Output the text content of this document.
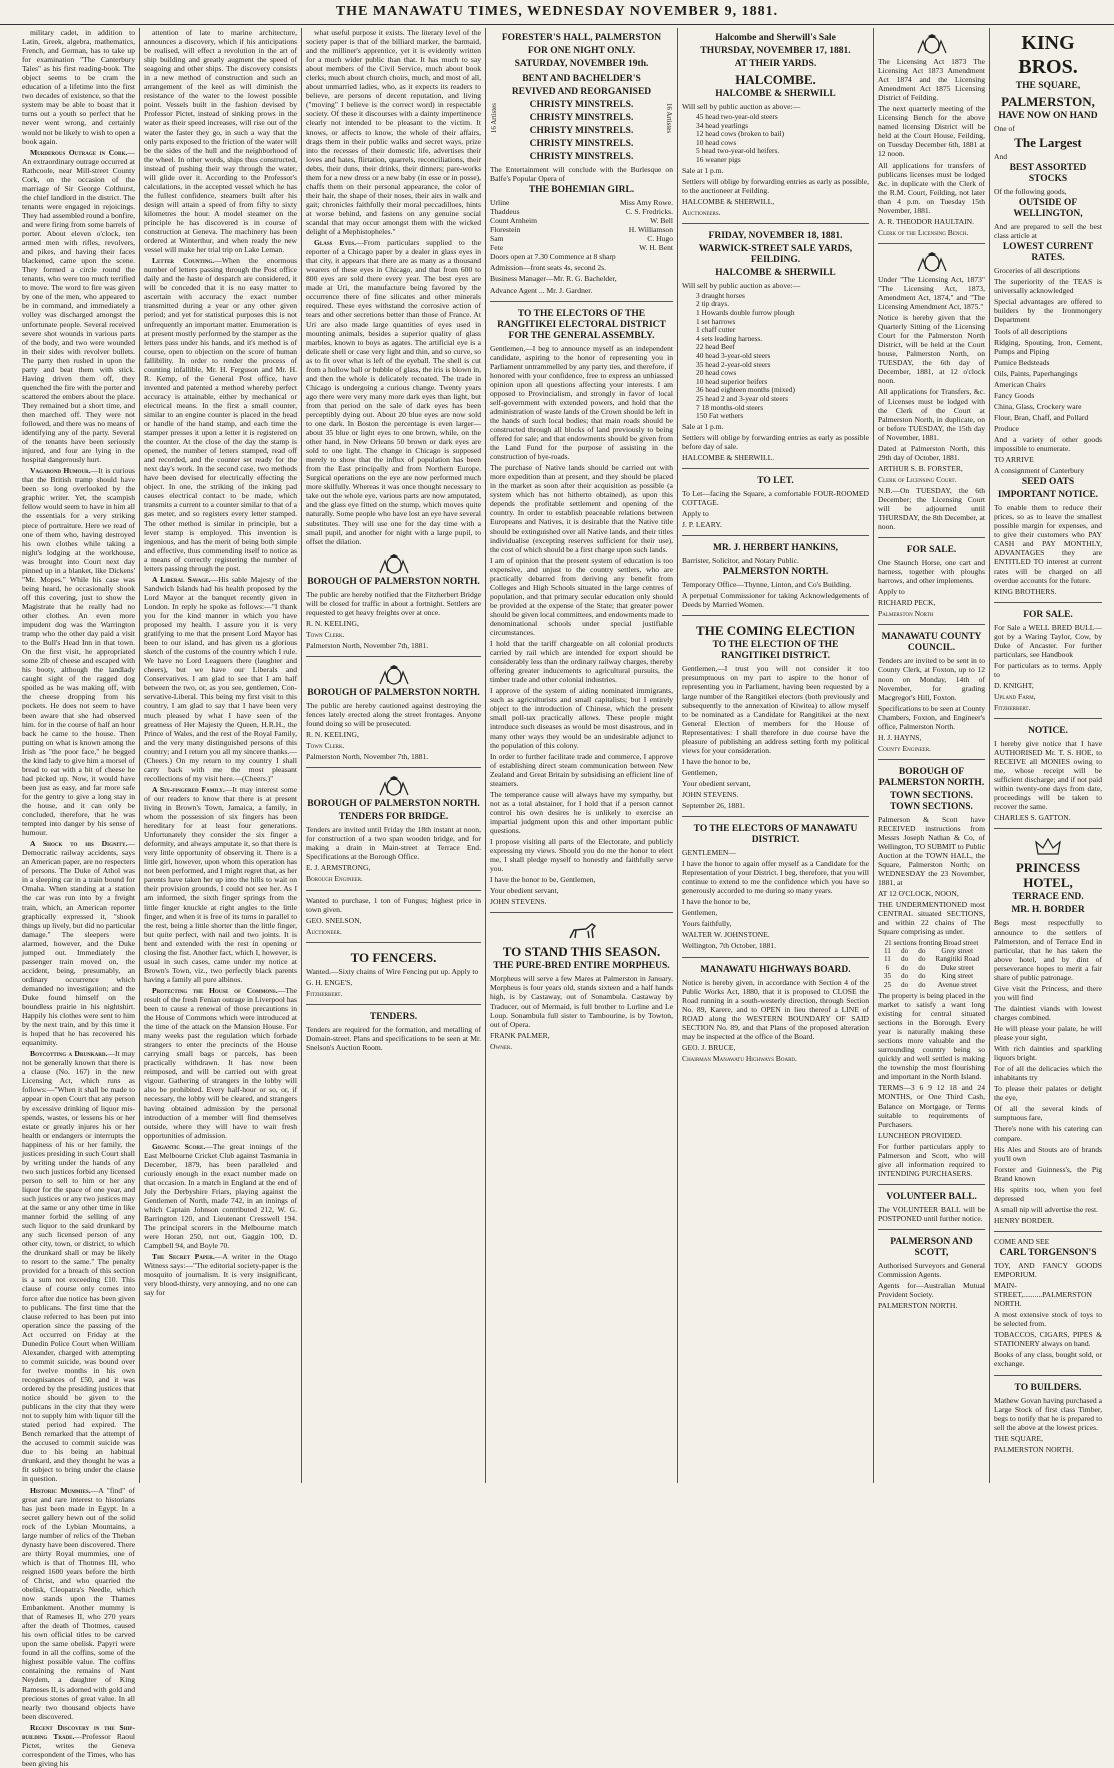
THE MANAWATU TIMES, WEDNESDAY NOVEMBER 9, 1881.

military cadet, in addition to Latin, Greek, algebra, mathematics, French, and German, has to take up for examination "The Canterbury Tales" as his first reading-book. The object seems to be cram the education of a lifetime into the first two decades of existence, so that the system may be able to boast that it turns out a youth so perfect that he never went wrong, and certainly would not be likely to wish to open a book again.

Murderous Outrage in Cork.—An extraordinary outrage occurred at Rathcoole, near Mill-street County Cork, on the occasion of the marriage of Sir George Colthurst, the chief landlord in the district. The tenants were engaged in rejoicings. They had assembled round a bonfire, and were firing from some barrels of porter. About eleven o'clock, ten armed men with rifles, revolvers, and pikes, and having their faces blackened, came upon the scene. They formed a circle round the tenants, who were too much terrified to move. The word to fire was given by one of the men, who appeared to be in command, and immediately a volley was discharged amongst the unfortunate people. Several received severe shot wounds in various parts of the body, and two were wounded in their sides with revolver bullets. The party then rushed in upon the party and beat them with stick. Having driven them off, they quenched the fire with the porter and scattered the embers about the place. They remained but a short time, and then marched off. They were not followed, and there was no means of identifying any of the party. Several of the tenants have been seriously injured, and four are lying in the hospital dangerously hurt.

Vagabond Humour.—It is curious that the British tramp should have been so long overlooked by the graphic writer. Yet, the scampish fellow would seem to have in him all the essentials for a very striking piece of portraiture. Here we read of one of them who, having destroyed his own clothes while taking a night's lodging at the workhouse, was brought into Court next day pinned up in a blanket, like Dickens' "Mr. Mopes." While his case was being heard, he occasionally shook off this covering, just to show the Magistrate that he really had no other clothes. An even more impudent dog was the Warrington tramp who the other day paid a visit to the Bull's Head Inn in that town. On the first visit, he appropriated some 2lb of cheese and escaped with his booty, although the landlady caught sight of the ragged dog spoiled as he was making off, with the cheese dropping from his pockets. He does not seem to have been aware that she had observed him. for in the course of half an hour back he came to the house. Then putting on what is known among the Irish as "the poor face," he begged the kind lady to give him a morsel of bread to eat with a bit of cheese he had picked up. Now, it would have been just as easy, and far more safe for the gentry to give a long stay in the house, and it can only be concluded, therefore, that he was tempted into danger by his sense of humour.

A Shock to his Dignity.—Democratic railway accidents, says an American paper, are no respecters of persons. The Duke of Athol was in a sleeping car in a train bound for Omaha. When standing at a station the car was run into by a freight train, which, an American reporter graphically expressed it, "shook things up lively, but did no particular damage." The sleepers were alarmed, however, and the Duke jumped out. Immediately the passenger train moved on, the accident, being, presumably, an ordinary occurrence which demanded no investigation; and the Duke found himself on the boundless prairie in his nightshirt. Happily his clothes were sent to him by the next train, and by this time it is hoped that he has recovered his equanimity.

Boycotting a Drunkard.—It may not be generally known that there is a clause (No. 167) in the new Licensing Act, which runs as follows:—"When it shall be made to appear in open Court that any person by excessive drinking of liquor mis-spends, wastes, or lessens his or her estate or greatly injures his or her health or endangers or interrupts the happiness of his or her family, the justices presiding in such Court shall by writing under the hands of any two such justices forbid any licensed person to sell to him or her any liquor for the space of one year, and such justices or any two justices may at the same or any other time in like manner forbid the selling of any such liquor to the said drunkard by any such licensed person of any other city, town, or district, to which the drunkard shall or may be likely to resort to the same." The penalty provided for a breach of this section is a sum not exceeding £10. This clause of course only comes into force after due notice has been given to publicans. The first time that the clause referred to has been put into operation since the passing of the Act occurred on Friday at the Dunedin Police Court when William Alexander, charged with attempting to commit suicide, was bound over for twelve months in his own recognisances of £50, and it was ordered by the presiding justices that notice should be given to the publicans in the city that they were not to supply him with liquor till the stated period had expired. The Bench remarked that the attempt of the accused to commit suicide was due to his being an habitual drunkard, and they thought he was a fit subject to bring under the clause in question.

Historic Mummies.—A "find" of great and rare interest to historians has just been made in Egypt. In a secret gallery hewn out of the solid rock of the Lybian Mountains, a large number of relics of the Theban dynasty have been discovered. There are thirty Royal mummies, one of which is that of Thotmes III, who reigned 1600 years before the birth of Christ, and who quarried the obelisk, Cleopatra's Needle, which now stands upon the Thames Embankment. Another mummy is that of Rameses II, who 270 years after the death of Thotmes, caused his own official titles to be carved upon the same obelisk. Papyri were found in all the coffins, some of the highest possible value. The coffins containing the remains of Nant Neydem, a daughter of King Rameses II, is adorned with gold and precious stones of great value. In all nearly two thousand objects have been discovered.

Recent Discovery in the Ship-building Trade.—Professor Raoul Pictet, writes the Geneva correspondent of the Times, who has been giving his

attention of late to marine architecture, announces a discovery, which if his anticipations be realised, will effect a revolution in the art of ship building and greatly augment the speed of seagoing and other ships. The discovery consists in a new method of construction and such an arrangement of the keel as will diminish the resistance of the water to the lowest possible point. Vessels built in the fashion devised by Professor Pictet, instead of sinking prows in the water as their speed increases, will rise out of the water the faster they go, in such a way that the only parts exposed to the friction of the water will be the sides of the hull and the neighborhood of the wheel. In other words, ships thus constructed, instead of pushing their way through the water, will glide over it. According to the Professor's calculations, in the accepted vessel which he has the fullest confidence, steamers built after his design will attain a speed of from fifty to sixty kilometres the hour. A model steamer on the principle he has discovered is in course of construction at Geneva. The machinery has been ordered at Winterthur, and when ready the new vessel will make her trial trip on Lake Leman.

Letter Counting.—When the enormous number of letters passing through the Post office daily and the haste of despatch are considered, it will be conceded that it is no easy matter to ascertain with accuracy the exact number transmitted during a year or any other given period; and yet for statistical purposes this is not unfrequently an important matter. Enumeration is at present mostly performed by the stamper as the letters pass under his hands, and it's method is of course, open to objection on the score of human fallibility. In order to render the process of counting infallible, Mr. H. Ferguson and Mr. H. R. Kemp, of the General Post office, have invented and patented a method whereby perfect accuracy is attainable, either by mechanical or electrical means. In the first a small counter, similar to an engine counter is placed in the head or handle of the hand stamp, and each time the stamper presses it upon a letter it is registered on the counter. At the close of the day the stamp is opened, the number of letters stamped, read off and recorded, and the counter set ready for the next day's work. In the second case, two methods have been devised for electrically effecting the object. In one, the striking of the inking pad causes electrical contact to be made, which transmits a current to a counter similar to that of a gas meter, and so registers every letter stamped. The other method is similar in principle, but a lever stamp is employed. This invention is ingenious, and has the merit of being both simple and effective, thus commending itself to notice as a means of correctly registering the number of letters passing through the post.

A Liberal Savage.—His sable Majesty of the Sandwich Islands had his health proposed by the Lord Mayor at the banquet recently given in London. In reply he spoke as follows:—"I thank you for the kind manner in which you have proposed my health. I assure you it is very gratifying to me that the present Lord Mayor has been to our island, and has given us a glorious sketch of the customs of the country which I rule. We have no Lord Leaguers there (laughter and cheers), but we have our Liberals and Conservatives. I am glad to see that I am half between the two, or, as you see, gentlemen, Con-servative-Liberal. This being my first visit to this country, I am glad to say that I have been very much pleased by what I have seen of the greatness of Her Majesty the Queen, H.R.H., the Prince of Wales, and the rest of the Royal Family, and the very many distinguished persons of this country; and I return you all my sincere thanks.—(Cheers.) On my return to my country I shall carry back with me the most pleasant recollections of my visit here.—(Cheers.)"

A Six-fingered Family.—It may interest some of our readers to know that there is at present living in Brown's Town, Jamaica, a family, in whom the possession of six fingers has been hereditary for at least four generations. Unfortunately they consider the six finger a deformity, and always amputate it, so that there is very little opportunity of observing it. There is a little girl, however, upon whom this operation has not been performed, and I might regret that, as her parents have taken her up into the hills to wait on their provision grounds, I could not see her. As I am informed, the sixth finger springs from the little finger knuckle at right angles to the little finger, and when it is free of its turns in parallel to the rest, being a little shorter than the little finger, but quite perfect, with nail and two joints. It is bent and extended with the rest in opening or closing the fist. Another fact, which I, however, is usual in such cases, came under my notice at Brown's Town, viz., two perfectly black parents having a family all pure albinos.

Protecting the House of Commons.—The result of the fresh Fenian outrage in Liverpool has been to cause a renewal of those precautions in the House of Commons which were introduced at the time of the attack on the Mansion House. For many weeks past the regulation which forbade strangers to enter the precincts of the House carrying small bags or parcels, has been practically withdrawn. It has now been reimposed, and will be carried out with great vigour. Gathering of strangers in the lobby will also be prohibited. Every half-hour or so, or, if necessary, the lobby will be cleared, and strangers having obtained admission by the personal introduction of a member will find themselves outside, where they will have to wait fresh opportunities of admission.

Gigantic Score.—The great innings of the East Melbourne Cricket Club against Tasmania in December, 1879, has been paralleled and curiously enough in the exact number made on that occasion. In a match in England at the end of July the Derbyshire Friars, playing against the Gentlemen of North, made 742, in an innings of which Captain Johnson contributed 212, W. G. Barrington 120, and Lieutenant Cresswell 194. The principal scorers in the Melbourne match were Horan 250, not out, Gaggin 100, D. Campbell 94, and Boyle 70.

The Secret Paper.—A writer in the Otago Witness says:—"The editorial society-paper is the mosquito of journalism. It is very insignificant, very blood-thirsty, very annoying, and no one can say for

what useful purpose it exists. The literary level of the society paper is that of the billiard marker, the barmaid, and the milliner's apprentice, yet it is evidently written for a much wider public than that. It has much to say about members of the Civil Service, much about book clerks, much about church choirs, much, and most of all, about unmarried ladies, who, as it expects its readers to believe, are persons of decent reputation, and living ("moving" I believe is the correct word) in respectable society. Of these it discourses with a dainty impertinence clearly not intended to be pleasant to the victim. It knows, or affects to know, the whole of their affairs, drags them in their public walks and secret ways, prize into the recesses of their domestic life, advertises their loves and hates, flirtation, quarrels, reconciliations, their debts, their duns, their drinks, their dinners; pare-works them for a new dress or a new baby (in esse or in posse), chaffs them on their personal appearance, the color of their hair, the shape of their noses, their airs in walk and gait; chronicles faithfully their moral peccadilloes, hints at worse behind, and fastens on any genuine social scandal that may occur amongst them with the wicked delight of a Mephistopheles."

Glass Eyes.—From particulars supplied to the reporter of a Chicago paper by a dealer in glass eyes in that city, it appears that there are as many as a thousand wearers of these eyes in Chicago, and that from 600 to 800 eyes are sold there every year. The best eyes are made at Uri, the manufacture being favored by the occurrence there of fine silicates and other minerals required. These eyes withstand the corrosive action of tears and other secretions better than those of France. At Uri are also made large quantities of eyes used in mounting animals, besides a superior quality of glass marbles, known to boys as agates. The artificial eye is a delicate shell or case very light and thin, and so curve, so as to fit over what is left of the eyeball. The shell is cut from a hollow ball or bubble of glass, the iris is blown in, and then the whole is delicately recoated. The trade in Chicago is undergoing a curious change. Twenty years ago there were very many more dark eyes than light, but from that period on the sale of dark eyes has been perceptibly dying out. About 20 blue eyes are now sold to one dark. In Boston the percentage is even larger—about 35 blue or light eyes to one brown, while, on the other hand, in New Orleans 50 brown or dark eyes are sold to one light. The change in Chicago is supposed merely to show that the influx of population has been from the East principally and from Northern Europe. Surgical operations on the eye are now performed much more skilfully. Whereas it was once thought necessary to take out the whole eye, various parts are now amputated, and the glass eye fitted on the stump, which moves quite naturally. Some people who have lost an eye have several substitutes. They will use one for the day time with a small pupil, and another for night with a large pupil, to offset the dilation.

BOROUGH OF PALMERSTON NORTH.

The public are hereby notified that the Fitzherbert Bridge will be closed for traffic in about a fortnight. Settlers are requested to get heavy freights over at once.

R. N. KEELING,

Town Clerk.

Palmerston North, November 7th, 1881.

BOROUGH OF PALMERSTON NORTH.

The public are hereby cautioned against destroying the fences lately erected along the street frontages. Anyone found doing so will be prosecuted.

R. N. KEELING,

Town Clerk.

Palmerston North, November 7th, 1881.

BOROUGH OF PALMERSTON NORTH.
TENDERS FOR BRIDGE.

Tenders are invited until Friday the 18th instant at noon, for construction of a two span wooden bridge, and for making a drain in Main-street at Terrace End. Specifications at the Borough Office.

E. J. ARMSTRONG,

Borough Engineer.

Wanted to purchase, 1 ton of Fungus; highest price in town given.

GEO. SNELSON,

Auctioneer.

TO FENCERS.

Wanted.—Sixty chains of Wire Fencing put up. Apply to

G. H. ENGE'S,

Fitzherbert.

TENDERS.

Tenders are required for the formation, and metalling of Domain-street. Plans and specifications to be seen at Mr. Snelson's Auction Room.

FORESTER'S HALL, PALMERSTON
FOR ONE NIGHT ONLY.
SATURDAY, NOVEMBER 19th.
16 Artistes
BENT AND BACHELDER'S
REVIVED AND REORGANISED
CHRISTY MINSTRELS.
CHRISTY MINSTRELS.
CHRISTY MINSTRELS.
CHRISTY MINSTRELS.
CHRISTY MINSTRELS.
16 Artistes

The Entertainment will conclude with the Burlesque on Balfe's Popular Opera of

THE BOHEMIAN GIRL.
Urline	Miss Amy Rowe.
Thaddeus	C. S. Fredricks.
Count Arnheim	W. Bell
Florestein	H. Williamson
Sam	C. Hugo
Fete	W. H. Bent

Doors open at 7.30 Commence at 8 sharp

Admission—front seats 4s, second 2s.

Business Manager—Mr. R. G. Bachelder,

Advance Agent ... Mr. J. Gardner.

TO THE ELECTORS OF THE RANGITIKEI ELECTORAL DISTRICT FOR THE GENERAL ASSEMBLY.

Gentlemen,—I beg to announce myself as an independent candidate, aspiring to the honor of representing you in Parliament untrammelled by any party ties, and therefore, if honored with your confidence, free to express an unbiassed opinion upon all questions affecting your interests. I am opposed to Provincialism, and strongly in favor of local self-government with extended powers, and hold that the administration of waste lands of the Crown should be left in the hands of such local bodies; that main roads should be constructed through all blocks of land previously to being offered for sale; and that endowments should be given from the Land Fund for the purpose of assisting in the construction of bye-roads.

The purchase of Native lands should be carried out with more expedition than at present, and they should be placed in the market as soon after their acquisition as possible (a system which has not hitherto obtained), as upon this depends the profitable settlement and opening of the country. In order to establish peaceable relations between Europeans and Natives, it is desirable that the Native title should be extinguished over all Native lands, and their titles individualise (excepting reserves sufficient for their use), the cost of which should be a first charge upon such lands.

I am of opinion that the present system of education is too expensive, and unjust to the country settlers, who are practically debarred from deriving any benefit from Colleges and High Schools situated in the large centres of population, and that primary secular education only should be provided at the expense of the State; that greater power should be given local committees, and endowments made to denominational schools under special justifiable circumstances.

I hold that the tariff chargeable on all colonial products carried by rail which are intended for export should be considerably less than the ordinary railway charges, thereby offering greater inducements to agricultural pursuits, the timber trade and other colonial industries.

I approve of the system of aiding nominated immigrants, such as agriculturists and small capitalists; but I entirely object to the introduction of Chinese, which the present small poll-tax practically allows. These people might introduce such diseases as would be most disastrous, and in many other ways they would be an undesirable adjunct to the population of this colony.

In order to further facilitate trade and commerce, I approve of establishing direct steam communication between New Zealand and Great Britain by subsidising an efficient line of steamers.

The temperance cause will always have my sympathy, but not as a total abstainer, for I hold that if a person cannot control his own desires he is unlikely to exercise an impartial judgment upon this and other important public questions.

I propose visiting all parts of the Electorate, and publicly expressing my views. Should you do me the honor to elect me, I shall pledge myself to honestly and faithfully serve you.

I have the honor to be, Gentlemen,

Your obedient servant,

JOHN STEVENS.

TO STAND THIS SEASON.
THE PURE-BRED ENTIRE MORPHEUS.

Morpheus will serve a few Mares at Palmerston in January. Morpheus is four years old, stands sixteen and a half hands high, is by Castaway, out of Sonambula. Castaway by Traducer, out of Mermaid, is full brother to Lurline and Le Loup. Sonambula full sister to Tambourine, is by Towton, out of Opera.

FRANK PALMER,

Owner.

Halcombe and Sherwill's Sale
THURSDAY, NOVEMBER 17, 1881.
AT THEIR YARDS.
HALCOMBE.
HALCOMBE & SHERWILL

Will sell by public auction as above:—

45 head two-year-old steers
34 head yearlings
12 head cows (broken to bail)
10 head cows
5 head two-year-old heifers.
16 weaner pigs

Sale at 1 p.m.

Settlers will oblige by forwarding entries as early as possible, to the auctioneer at Feilding.

HALCOMBE & SHERWILL,

Auctioneers.

FRIDAY, NOVEMBER 18, 1881.
WARWICK-STREET SALE YARDS, FEILDING.
HALCOMBE & SHERWILL

Will sell by public auction as above:—

3 draught horses
2 tip drays.
1 Howards double furrow plough
1 set harrows
1 chaff cutter
4 sets leading harness.
22 head Beef
40 head 3-year-old steers
35 head 2-year-old steers
20 head cows
10 head superior heifers
36 head eighteen months (mixed)
25 head 2 and 3-year old steers
7 18 months-old steers
150 Fat wethers

Sale at 1 p.m.

Settlers will oblige by forwarding entries as early as possible before day of sale.

HALCOMBE & SHERWILL.

TO LET.

To Let—facing the Square, a comfortable FOUR-ROOMED COTTAGE.

Apply to

J. P. LEARY.

MR. J. HERBERT HANKINS,

Barrister, Solicitor, and Notary Public.

PALMERSTON NORTH.

Temporary Office—Thynne, Linton, and Co's Building.

A perpetual Commissioner for taking Acknowledgements of Deeds by Married Women.

THE COMING ELECTION
TO THE ELECTION OF THE RANGITIKEI DISTRICT.

Gentlemen,—I trust you will not consider it too presumptuous on my part to aspire to the honor of representing you in Parliament, having been requested by a large number of the Rangitikei electors (both previously and subsequently to the annexation of Kiwitea) to allow myself to be nominated as a Candidate for Rangitikei at the next General Election of members for the House of Representatives: I shall therefore in due course have the pleasure of publishing an address setting forth my political views for your consideration.

I have the honor to be,

Gentlemen,

Your obedient servant,

JOHN STEVENS.

September 26, 1881.

TO THE ELECTORS OF MANAWATU DISTRICT.

GENTLEMEN—

I have the honor to again offer myself as a Candidate for the Representation of your District. I beg, therefore, that you will continue to extend to me the confidence which you have so generously accorded to me during so many years.

I have the honor to be,

Gentlemen,

Yours faithfully,

WALTER W. JOHNSTONE.

Wellington, 7th October, 1881.

MANAWATU HIGHWAYS BOARD.

Notice is hereby given, in accordance with Section 4 of the Public Works Act, 1880, that it is proposed to CLOSE the Road running in a south-westerly direction, through Section No. 89, Karere, and to OPEN in lieu thereof a LINE of ROAD along the WESTERN BOUNDARY OF SAID SECTION No. 89, and that Plans of the proposed alteration may be inspected at the office of the Board.

GEO. J. BRUCE,

Chairman Manawatu Highways Board.

The Licensing Act 1873 The Licensing Act 1873 Amendment Act 1874 and the Licensing Amendment Act 1875 Licensing District of Feilding.

The next quarterly meeting of the Licensing Bench for the above named licensing District will be held at the Court House, Feilding, on Tuesday December 6th, 1881 at 12 noon.

All applications for transfers of publicans licenses must be lodged &c. in duplicate with the Clerk of the R.M. Court, Feilding, not later than 4 p.m. on Tuesday 15th November, 1881.

A. R. THEODOR HAULTAIN.

Clerk of the Licensing Bench.

Under "The Licensing Act, 1873" "The Licensing Act, 1873, Amendment Act, 1874," and "The Licensing Amendment Act, 1875."

Notice is hereby given that the Quarterly Sitting of the Licensing Court for the Palmerston North District, will be held at the Court house, Palmerston North, on TUESDAY, the 6th day of December, 1881, at 12 o'clock noon.

All applications for Transfers, &c. of Licenses must be lodged with the Clerk of the Court at Palmerston North, in duplicate, on or before TUESDAY, the 15th day of November, 1881.

Dated at Palmerston North, this 29th day of October, 1881.

ARTHUR S. B. FORSTER,

Clerk of Licensing Court.

N.B.—On TUESDAY, the 6th December; the Licensing Court will be adjourned until THURSDAY, the 8th December, at noon.

FOR SALE.

One Staunch Horse, one cart and harness, together with ploughs harrows, and other implements.

Apply to

RICHARD PECK,

Palmerston North

MANAWATU COUNTY COUNCIL.

Tenders are invited to be sent in to County Clerk, at Foxton, up to 12 noon on Monday, 14th of November, for grading Macgregor's Hill, Foxton.

Specifications to be seen at County Chambers, Foxton, and Engineer's office, Palmerston North.

H. J. HAYNS,

County Engineer.

BOROUGH OF PALMERSTON NORTH.
TOWN SECTIONS. TOWN SECTIONS.

Palmerson & Scott have RECEIVED instructions from Messrs Joseph Nathan & Co, of Wellington, TO SUBMIT to Public Auction at the TOWN HALL, the Square, Palmerston North; on WEDNESDAY the 23 November, 1881, at

AT 12 O'CLOCK, NOON,

THE UNDERMENTIONED most CENTRAL situated SECTIONS, and within 22 chains of The Square comprising as under.

21 sections fronting Broad street			
11	do	do	Grey street
11	do	do	Rangitiki Road
6	do	do	Duke street
35	do	do	King street
25	do	do	Avenue street

The property is being placed in the market to satisfy a want long existing for central situated sections in the Borough. Every year is naturally making these sections more valuable and the surrounding country being so quickly and well settled is making the township the most flourishing and important in the North Island.

TERMS—3 6 9 12 18 and 24 MONTHS, or One Third Cash, Balance on Mortgage, or Terms suitable to requirements of Purchasers.

LUNCHEON PROVIDED.

For further particulars apply to Palmerson and Scott, who will give all information required to INTENDING PURCHASERS.

VOLUNTEER BALL.

The VOLUNTEER BALL will be POSTPONED until further notice.

PALMERSON AND SCOTT,

Authorised Surveyors and General Commission Agents.

Agents for—Australian Mutual Provident Society.

PALMERSTON NORTH.

KING BROS.
THE SQUARE,
PALMERSTON,
HAVE NOW ON HAND

One of

The Largest

And

BEST ASSORTED STOCKS

Of the following goods,

OUTSIDE OF WELLINGTON,

And are prepared to sell the best class article at

LOWEST CURRENT RATES.

Groceries of all descriptions

The superiority of the TEAS is universally acknowledged

Special advantages are offered to builders by the Ironmongery Department

Tools of all descriptions

Ridging, Spouting, Iron, Cement, Pumps and Piping

Pumice Bedsteads

Oils, Paints, Paperhangings

American Chairs

Fancy Goods

China, Glass, Crockery ware

Flour, Bran, Chaff, and Pollard

Produce

And a variety of other goods impossible to enumerate.

TO ARRIVE

A consignment of Canterbury

SEED OATS
IMPORTANT NOTICE.

To enable them to reduce their prices, so as to leave the smallest possible margin for expenses, and to give their customers who PAY CASH and PAY MONTHLY, ADVANTAGES they are ENTITLED TO interest at current rates will be charged on all overdue accounts for the future.

KING BROTHERS.

FOR SALE.

For Sale a WELL BRED BULL—got by a Waring Taylor, Cow, by Duke of Ancaster. For further particulars, see Handbook

For particulars as to terms. Apply to

D. KNIGHT,

Upland Farm,

Fitzherbert.

NOTICE.

I hereby give notice that I have AUTHORISED Mr. T. S. HOE, to RECEIVE all MONIES owing to me, whose receipt will be sufficient discharge; and if not paid within twenty-one days from date, proceedings will be taken to recover the same.

CHARLES S. GATTON.

PRINCESS HOTEL,
TERRACE END.
MR. H. BORDER

Begs most respectfully to announce to the settlers of Palmerston, and of Terrace End in particular, that he has taken the above hotel, and by dint of perseverance hopes to merit a fair share of public patronage.

Give visit the Princess, and there you will find

The daintiest viands with lowest charges combined.

He will please your palate, he will please your sight,

With rich dainties and sparkling liquors bright.

For of all the delicacies which the inhabitants try

To please their palates or delight the eye,

Of all the several kinds of sumptuous fare,

There's none with his catering can compare.

His Ales and Stouts are of brands you'll own

Forster and Guinness's, the Pig Brand known

His spirits too, when you feel depressed

A small nip will advertise the rest.

HENRY BORDER.

COME AND SEE

CARL TORGENSON'S

TOY, AND FANCY GOODS EMPORIUM.

MAIN-STREET,..........PALMERSTON NORTH.

A most extensive stock of toys to be selected from.

TOBACCOS, CIGARS, PIPES & STATIONERY always on hand.

Books of any class, bought sold, or exchange.

TO BUILDERS.

Mathew Govan having purchased a Large Stock of first class Timber, begs to notify that he is prepared to sell the above at the lowest prices.

THE SQUARE,

PALMERSTON NORTH.
